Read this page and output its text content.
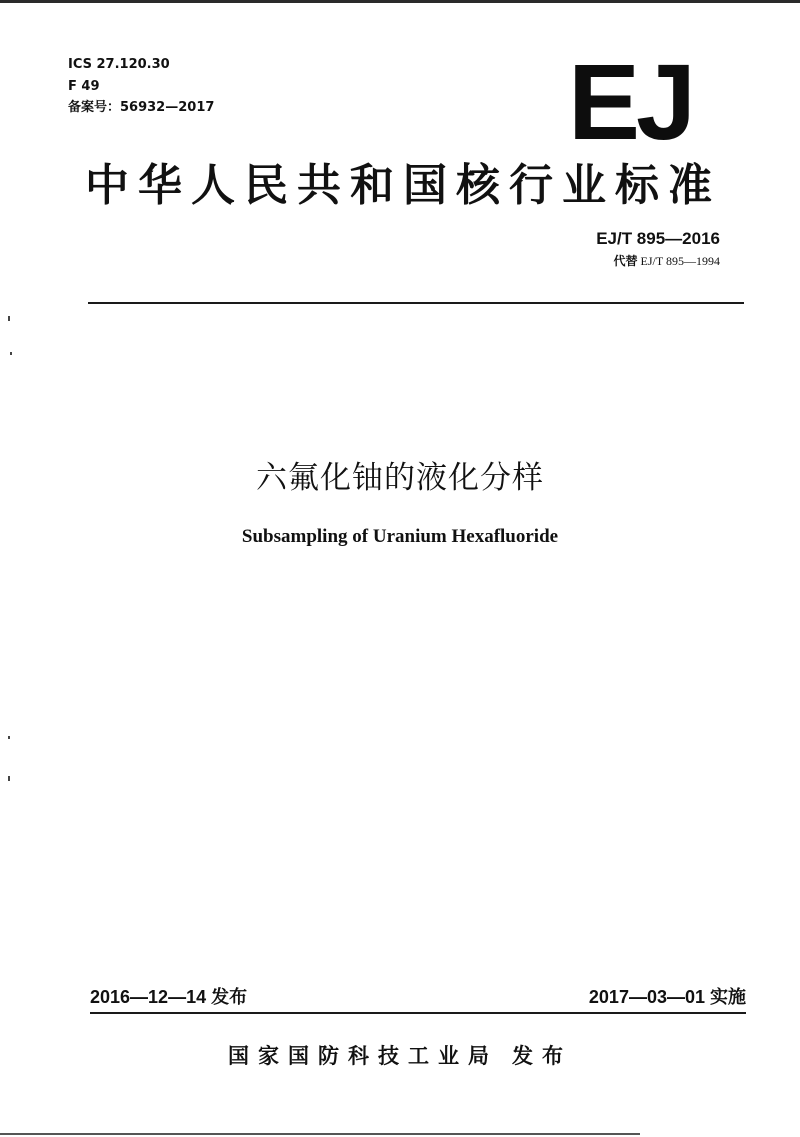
ICS 27.120.30
F 49
备案号：56932—2017	EJ
中华人民共和国核行业标准
EJ/T 895—2016
代替 EJ/T 895—1994
六氟化铀的液化分样
Subsampling of Uranium Hexafluoride
2016—12—14 发布	2017—03—01 实施
国家国防科技工业局 发布
